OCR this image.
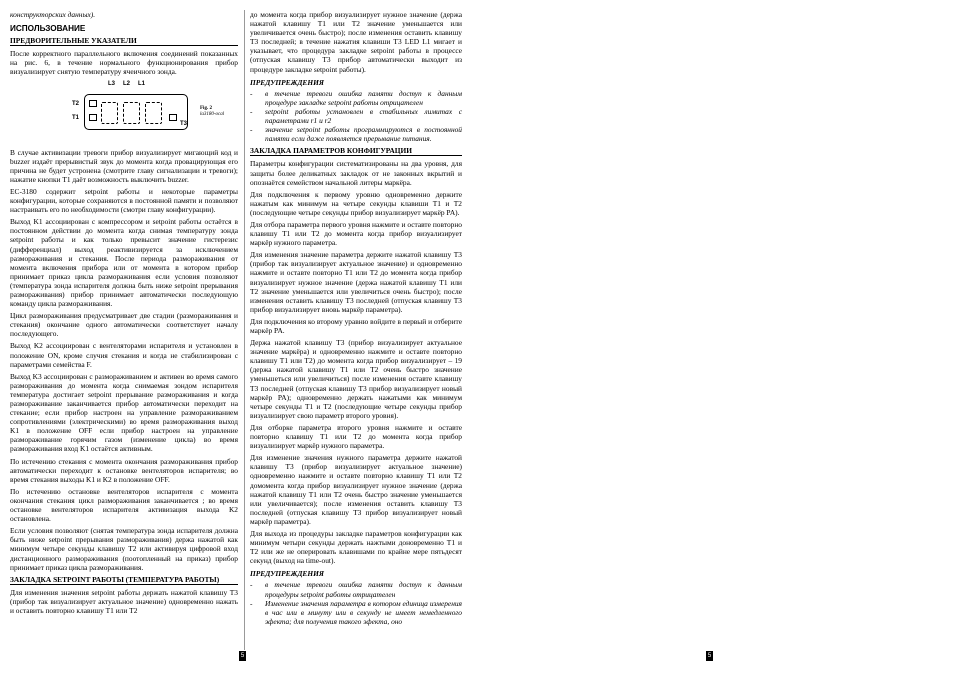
конструкторских данных).

ИСПОЛЬЗОВАНИЕ
ПРЕДВОРИТЕЛЬНЫЕ УКАЗАТЕЛИ

После корректного параллельного включения соединений показанных на рис. 6, в течение нормального функционирования прибор визуализирует снятую температуру ячеичного зонда.

L3 L2 L1
T2
T1
T3
Fig. 2
la3180-ocal

В случае активизации тревоги прибор визуализирует мигающий код и buzzer издаёт прерывистый звук до момента когда провацирующая его причина не будет устронена (смотрите главу сигнализации и тревоги); нажатие кнопки T1 даёт возможность выключить buzzer.

EC-3180 содержит setpoint работы и некоторые параметры конфигурации, которые сохраняются в постоянной памяти и позволяют настраивать его по необходимости (смотри главу конфигурации).

Выход K1 ассоциирован с компрессором и setpoint работы остаётся в постоянном действии до момента когда снимая температуру зонда setpoint работы и как только превысит значение гистерезис (дифференциал) выход реактивизируется за исключением размораживания и стекания. После периода размораживания от момента включения прибора или от момента в котором прибор принимает приказ цикла размораживания если условия позволяют (температура зонда испарителя должна быть ниже setpoint прерывания размораживания) прибор принимает автоматически последующую команду цикла размораживания.

Цикл размораживания предусматривает две стадии (размораживания и стекания) окончание одного автоматически соответствует началу последующего.

Выход K2 ассоциирован с вентеляторами испарителя и установлен в положение ON, кроме случия стекания и когда не стабилизирован с параметрами семейства F.

Выход K3 ассоциирован с размораживанием и активен во время самого размораживания до момента когда снимаемая зондом испарителя температура достигает setpoint прерывание размораживания и когда размораживание заканчивается прибор автоматически переходит на стекание; если прибор настроен на управление размораживанием сопротивлениями (электрическими) во время размораживания выход K1 в положение OFF если прибор настроен на управление размораживание горячим газом (изменение цикла) во время размораживания вход K1 остаётся активным.

По истечению стекания с момента окончания размораживания прибор автоматически переходит к остановке вентеляторов испарителя; во время стекания выходы K1 и K2 в положение OFF.

По истечению остановке вентеляторов испарителя с момента окончания стекания цикл размораживания заканчивается ; во время остановке вентеляторов испарителя активизация выхода K2 остановлена.

Если условия позволяют (снятая температура зонда испарителя должна быть ниже setpoint прерывания размораживания) держа нажатой как минимум четыре секунды клавишу T2 или активируя цифровой вход дистанционного размораживания (поотопленный на приказ) прибор принимает приказ цикла размораживания.

ЗАКЛАДКА SETPOINT РАБОТЫ (ТЕМПЕРАТУРА РАБОТЫ)

Для изменения значения setpoint работы держать нажатой клавишу T3 (прибор так визуализирует актуальное значение) одновременно нажать и оставить повторно клавишу T1 или T2

5

до момента когда прибор визуализирует нужное значение (держа нажатой клавишу T1 или T2 значение уменьшается или увеличивается очень быстро); после изменения оставить клавишу T3 последней; в течение нажатия клавиши T3 LED L1 мигает и указывает, что процедура закладке setpoint работы в процессе (отпуская клавишу T3 прибор автоматически выходит из процедуре закладке setpoint работы).

ПРЕДУПРЕЖДЕНИЯ
- в течение тревоги ошибка памяти доступ к данным процедуре закладке setpoint работы отрицателен
- setpoint работы установлен в стабильных лимитах с параметрами r1 и r2
- значение setpoint работы программируются в постоянной памяти если даже появляется прерывание питания.
ЗАКЛАДКА ПАРАМЕТРОВ КОНФИГУРАЦИИ

Параметры конфигурации систематизированы на два уровня, для защиты более деликатных закладок от не законных вкрытий и опознаётся семейством начальной литеры маркёра.

Для подключения к первому уровню одновременно держите нажатым как минимум на четыре секунды клавиши T1 и T2 (последующие четыре секунды прибор визуализирует маркёр PA).

Для отбора параметра первого уровня нажмите и оставте повторно клавишу T1 или T2 до момента когда прибор визуализирует маркёр нужного параметра.

Для изменения значение параметра держите нажатой клавишу T3 (прибор так визуализирует актуальное значение) и одновременно нажмите и оставте повторно T1 или T2 до момента когда прибор визуализирует нужное значение (держа нажатой клавишу T1 или T2 значение уменьшается или увеличиться очень быстро); после изменения оставить клавишу T3 последней (отпуская клавишу T3 прибор визуализирует вновь маркёр параметра).

Для подключения ко второму уравню войдите в первый и отберите маркёр PA.

Держа нажатой клавишу T3 (прибор визуализирует актуальное значение маркёра) и одновременно нажмите и оставте повторно клавишу T1 или T2) до момента когда прибор визуализирует – 19 (держа нажатой клавишу T1 или T2 очень быстро значение уменьшеться или увеличиться) после изменения оставте клавишу T3 последней (отпуская клавишу T3 прибор визуализирует новый маркёр PA); одновременно держать нажатыми как минимум четыре секунды T1 и T2 (последующие четыре секунды прибор визуализирует свою параметр второго уровня).

Для отборке параметра второго уровня нажмите и оставте повторно клавишу T1 или T2 до момента когда прибор визуализирует маркёр нужного параметра.

Для изменение значения нужного параметра держите нажатой клавишу T3 (прибор визуализирует актуальное значение) одновременно нажмите и оставте повторно клавишу T1 или T2 домомента когда прибор визуализирует нужное значение (держа нажатой клавишу T1 или T2 очень быстро значение уменьшается или увеличивается); после изменения оставить клавишу T3 последней (отпуская клавишу T3 прибор визуализирует новый маркёр параметра).

Для выхода из процедуры закладке параметров конфигурации как минимум четыри секунды держать нажтыми доновременно T1 и T2 или же не оперировать клавишами по крайне мере пятьдесят секунд (выход на time-out).

ПРЕДУПРЕЖДЕНИЯ
- в течение тревоги ошибка памяти доступ к данным процедуры setpoint работы отрицателен
- Изменение значения параметра в котором единица измерения в час или в минуту или в секунду не имеет немедленного эфекта; для получения такого эфекта, оно
5
